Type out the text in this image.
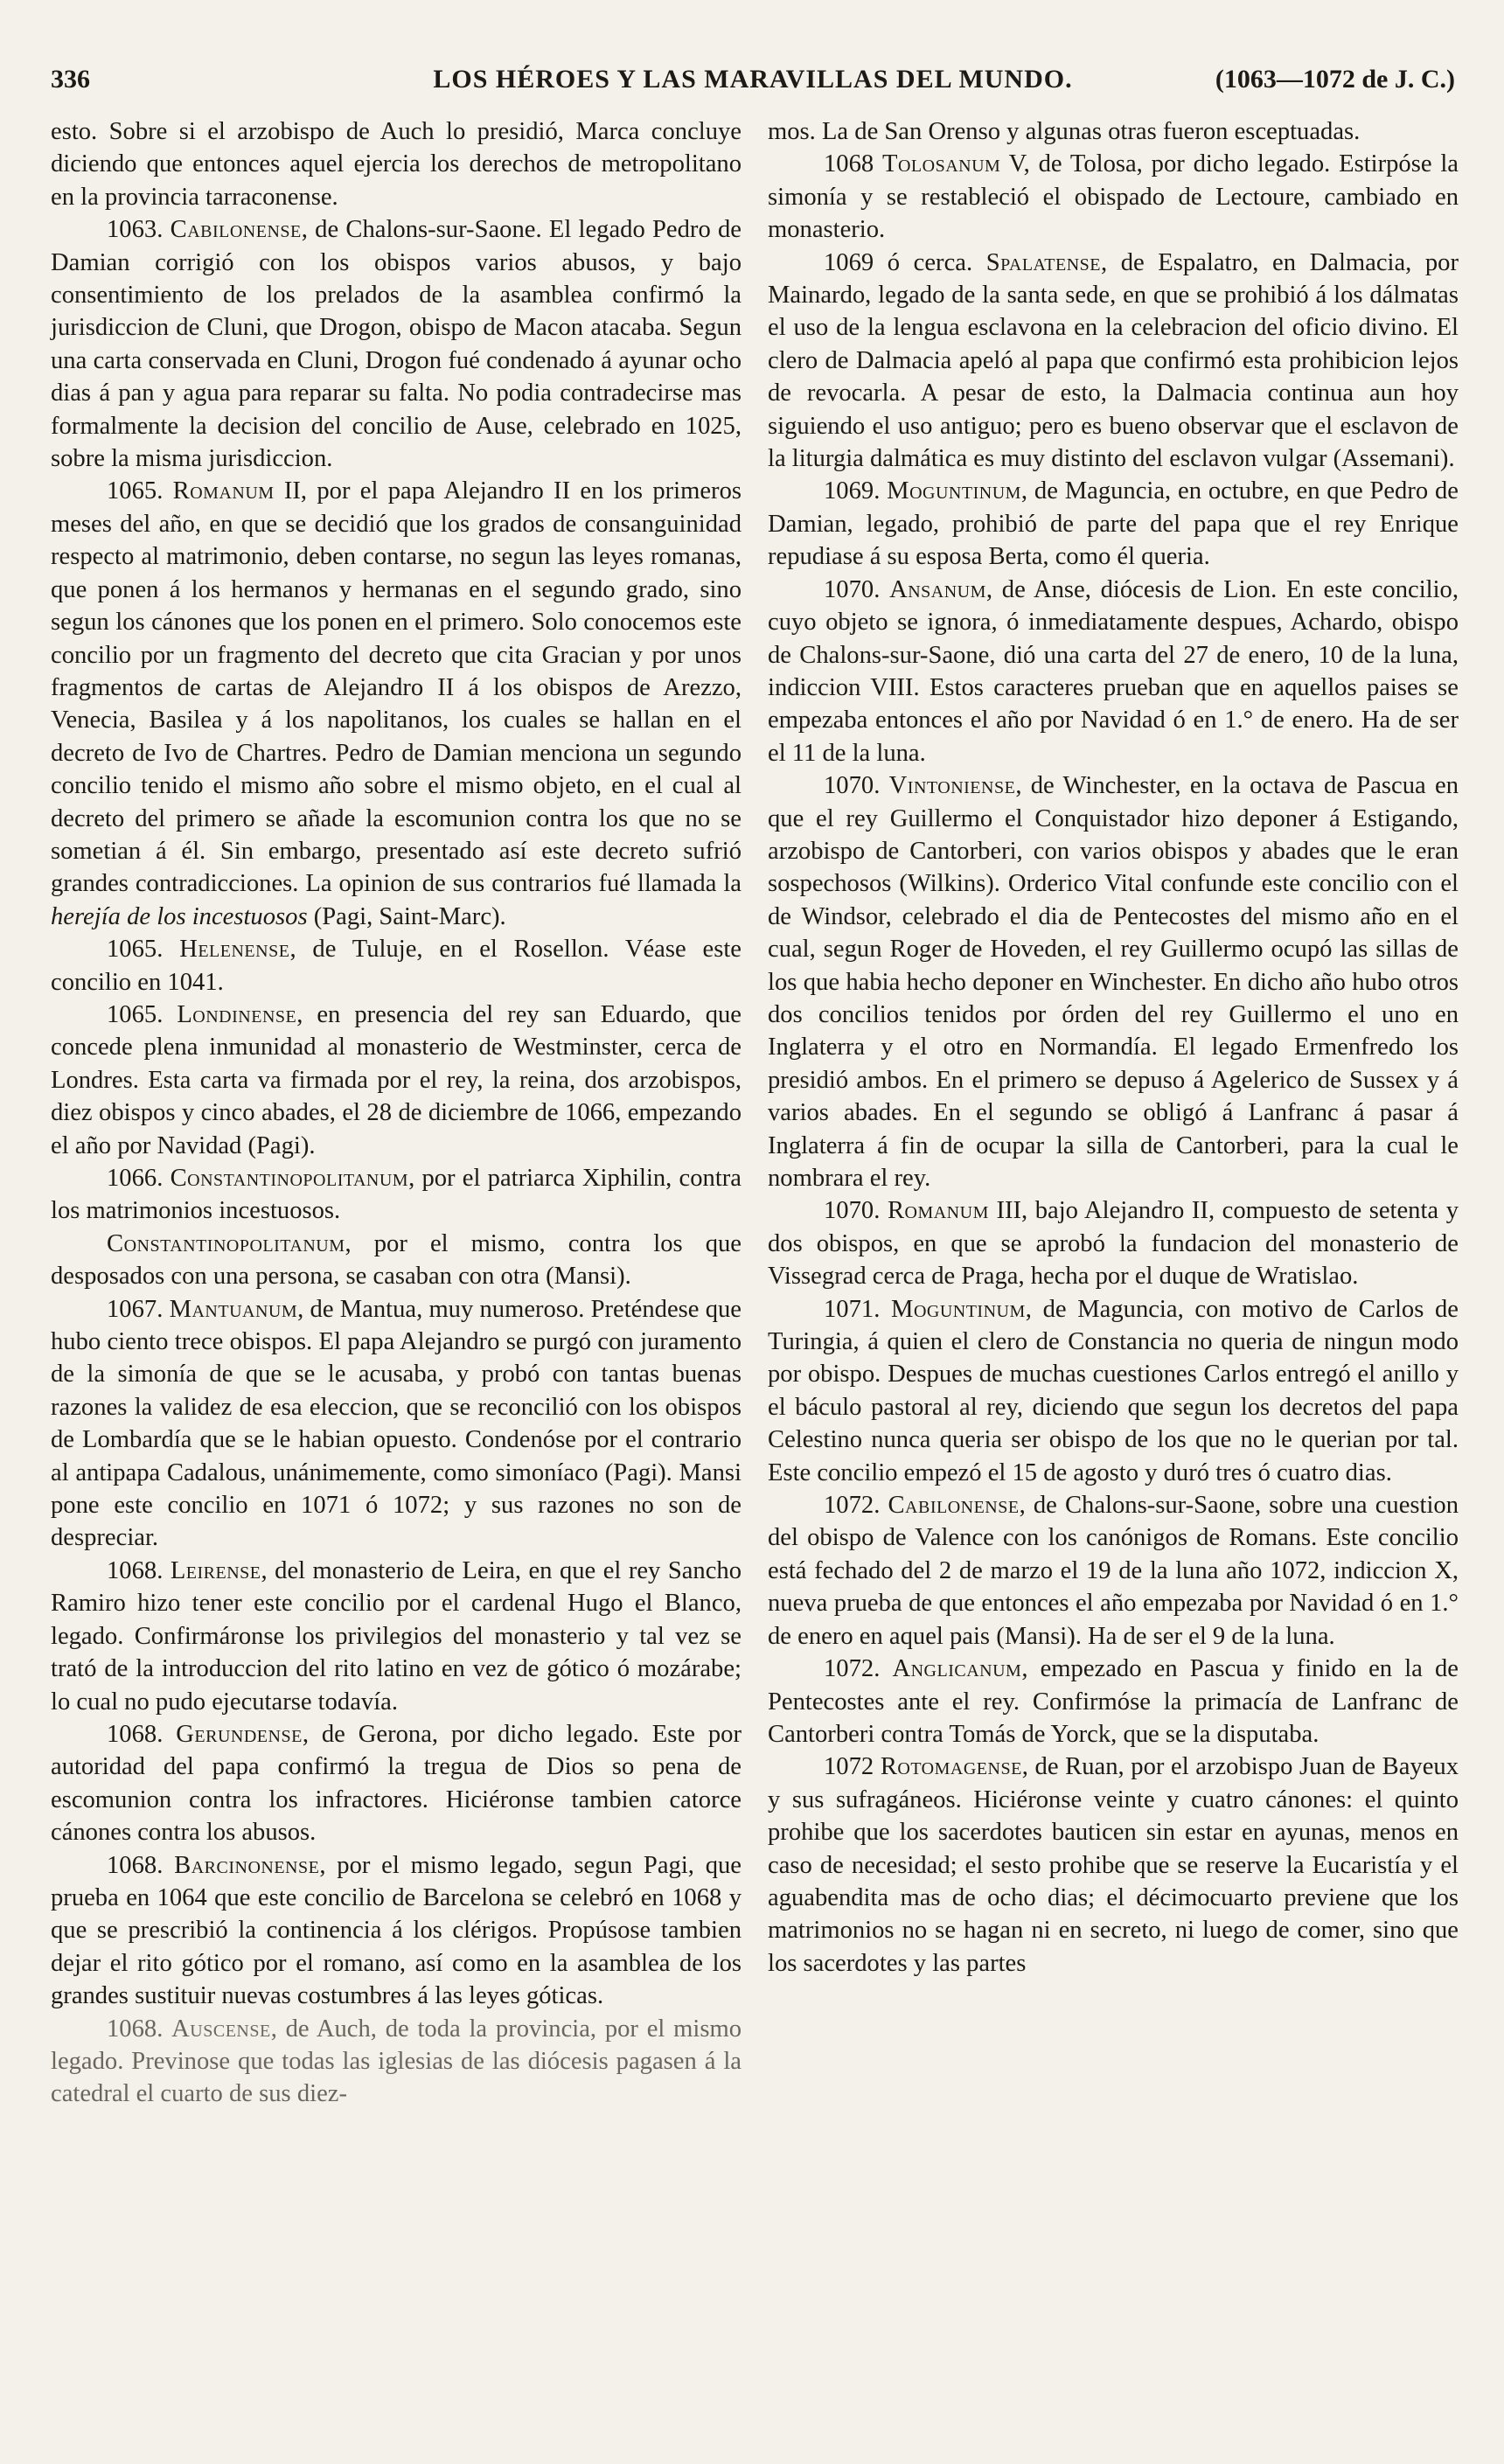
336	LOS HÉROES Y LAS MARAVILLAS DEL MUNDO.	(1063—1072 de J. C.)

esto. Sobre si el arzobispo de Auch lo presidió, Marca concluye diciendo que entonces aquel ejercia los derechos de metropolitano en la provincia tarraconense.

1063. Cabilonense, de Chalons-sur-Saone. El legado Pedro de Damian corrigió con los obispos varios abusos, y bajo consentimiento de los prelados de la asamblea confirmó la jurisdiccion de Cluni, que Drogon, obispo de Macon atacaba. Segun una carta conservada en Cluni, Drogon fué condenado á ayunar ocho dias á pan y agua para reparar su falta. No podia contradecirse mas formalmente la decision del concilio de Ause, celebrado en 1025, sobre la misma jurisdiccion.

1065. Romanum II, por el papa Alejandro II en los primeros meses del año, en que se decidió que los grados de consanguinidad respecto al matrimonio, deben contarse, no segun las leyes romanas, que ponen á los hermanos y hermanas en el segundo grado, sino segun los cánones que los ponen en el primero. Solo conocemos este concilio por un fragmento del decreto que cita Gracian y por unos fragmentos de cartas de Alejandro II á los obispos de Arezzo, Venecia, Basilea y á los napolitanos, los cuales se hallan en el decreto de Ivo de Chartres. Pedro de Damian menciona un segundo concilio tenido el mismo año sobre el mismo objeto, en el cual al decreto del primero se añade la escomunion contra los que no se sometian á él. Sin embargo, presentado así este decreto sufrió grandes contradicciones. La opinion de sus contrarios fué llamada la herejía de los incestuosos (Pagi, Saint-Marc).

1065. Helenense, de Tuluje, en el Rosellon. Véase este concilio en 1041.

1065. Londinense, en presencia del rey san Eduardo, que concede plena inmunidad al monasterio de Westminster, cerca de Londres. Esta carta va firmada por el rey, la reina, dos arzobispos, diez obispos y cinco abades, el 28 de diciembre de 1066, empezando el año por Navidad (Pagi).

1066. Constantinopolitanum, por el patriarca Xiphilin, contra los matrimonios incestuosos.

Constantinopolitanum, por el mismo, contra los que desposados con una persona, se casaban con otra (Mansi).

1067. Mantuanum, de Mantua, muy numeroso. Preténdese que hubo ciento trece obispos. El papa Alejandro se purgó con juramento de la simonía de que se le acusaba, y probó con tantas buenas razones la validez de esa eleccion, que se reconcilió con los obispos de Lombardía que se le habian opuesto. Condenóse por el contrario al antipapa Cadalous, unánimemente, como simoníaco (Pagi). Mansi pone este concilio en 1071 ó 1072; y sus razones no son de despreciar.

1068. Leirense, del monasterio de Leira, en que el rey Sancho Ramiro hizo tener este concilio por el cardenal Hugo el Blanco, legado. Confirmáronse los privilegios del monasterio y tal vez se trató de la introduccion del rito latino en vez de gótico ó mozárabe; lo cual no pudo ejecutarse todavía.

1068. Gerundense, de Gerona, por dicho legado. Este por autoridad del papa confirmó la tregua de Dios so pena de escomunion contra los infractores. Hiciéronse tambien catorce cánones contra los abusos.

1068. Barcinonense, por el mismo legado, segun Pagi, que prueba en 1064 que este concilio de Barcelona se celebró en 1068 y que se prescribió la continencia á los clérigos. Propúsose tambien dejar el rito gótico por el romano, así como en la asamblea de los grandes sustituir nuevas costumbres á las leyes góticas.

1068. Auscense, de Auch, de toda la provincia, por el mismo legado. Previnose que todas las iglesias de las diócesis pagasen á la catedral el cuarto de sus diez-

mos. La de San Orenso y algunas otras fueron esceptuadas.

1068 Tolosanum V, de Tolosa, por dicho legado. Estirpóse la simonía y se restableció el obispado de Lectoure, cambiado en monasterio.

1069 ó cerca. Spalatense, de Espalatro, en Dalmacia, por Mainardo, legado de la santa sede, en que se prohibió á los dálmatas el uso de la lengua esclavona en la celebracion del oficio divino. El clero de Dalmacia apeló al papa que confirmó esta prohibicion lejos de revocarla. A pesar de esto, la Dalmacia continua aun hoy siguiendo el uso antiguo; pero es bueno observar que el esclavon de la liturgia dalmática es muy distinto del esclavon vulgar (Assemani).

1069. Moguntinum, de Maguncia, en octubre, en que Pedro de Damian, legado, prohibió de parte del papa que el rey Enrique repudiase á su esposa Berta, como él queria.

1070. Ansanum, de Anse, diócesis de Lion. En este concilio, cuyo objeto se ignora, ó inmediatamente despues, Achardo, obispo de Chalons-sur-Saone, dió una carta del 27 de enero, 10 de la luna, indiccion VIII. Estos caracteres prueban que en aquellos paises se empezaba entonces el año por Navidad ó en 1.° de enero. Ha de ser el 11 de la luna.

1070. Vintoniense, de Winchester, en la octava de Pascua en que el rey Guillermo el Conquistador hizo deponer á Estigando, arzobispo de Cantorberi, con varios obispos y abades que le eran sospechosos (Wilkins). Orderico Vital confunde este concilio con el de Windsor, celebrado el dia de Pentecostes del mismo año en el cual, segun Roger de Hoveden, el rey Guillermo ocupó las sillas de los que habia hecho deponer en Winchester. En dicho año hubo otros dos concilios tenidos por órden del rey Guillermo el uno en Inglaterra y el otro en Normandía. El legado Ermenfredo los presidió ambos. En el primero se depuso á Agelerico de Sussex y á varios abades. En el segundo se obligó á Lanfranc á pasar á Inglaterra á fin de ocupar la silla de Cantorberi, para la cual le nombrara el rey.

1070. Romanum III, bajo Alejandro II, compuesto de setenta y dos obispos, en que se aprobó la fundacion del monasterio de Vissegrad cerca de Praga, hecha por el duque de Wratislao.

1071. Moguntinum, de Maguncia, con motivo de Carlos de Turingia, á quien el clero de Constancia no queria de ningun modo por obispo. Despues de muchas cuestiones Carlos entregó el anillo y el báculo pastoral al rey, diciendo que segun los decretos del papa Celestino nunca queria ser obispo de los que no le querian por tal. Este concilio empezó el 15 de agosto y duró tres ó cuatro dias.

1072. Cabilonense, de Chalons-sur-Saone, sobre una cuestion del obispo de Valence con los canónigos de Romans. Este concilio está fechado del 2 de marzo el 19 de la luna año 1072, indiccion X, nueva prueba de que entonces el año empezaba por Navidad ó en 1.° de enero en aquel pais (Mansi). Ha de ser el 9 de la luna.

1072. Anglicanum, empezado en Pascua y finido en la de Pentecostes ante el rey. Confirmóse la primacía de Lanfranc de Cantorberi contra Tomás de Yorck, que se la disputaba.

1072 Rotomagense, de Ruan, por el arzobispo Juan de Bayeux y sus sufragáneos. Hiciéronse veinte y cuatro cánones: el quinto prohibe que los sacerdotes bauticen sin estar en ayunas, menos en caso de necesidad; el sesto prohibe que se reserve la Eucaristía y el aguabendita mas de ocho dias; el décimocuarto previene que los matrimonios no se hagan ni en secreto, ni luego de comer, sino que los sacerdotes y las partes
